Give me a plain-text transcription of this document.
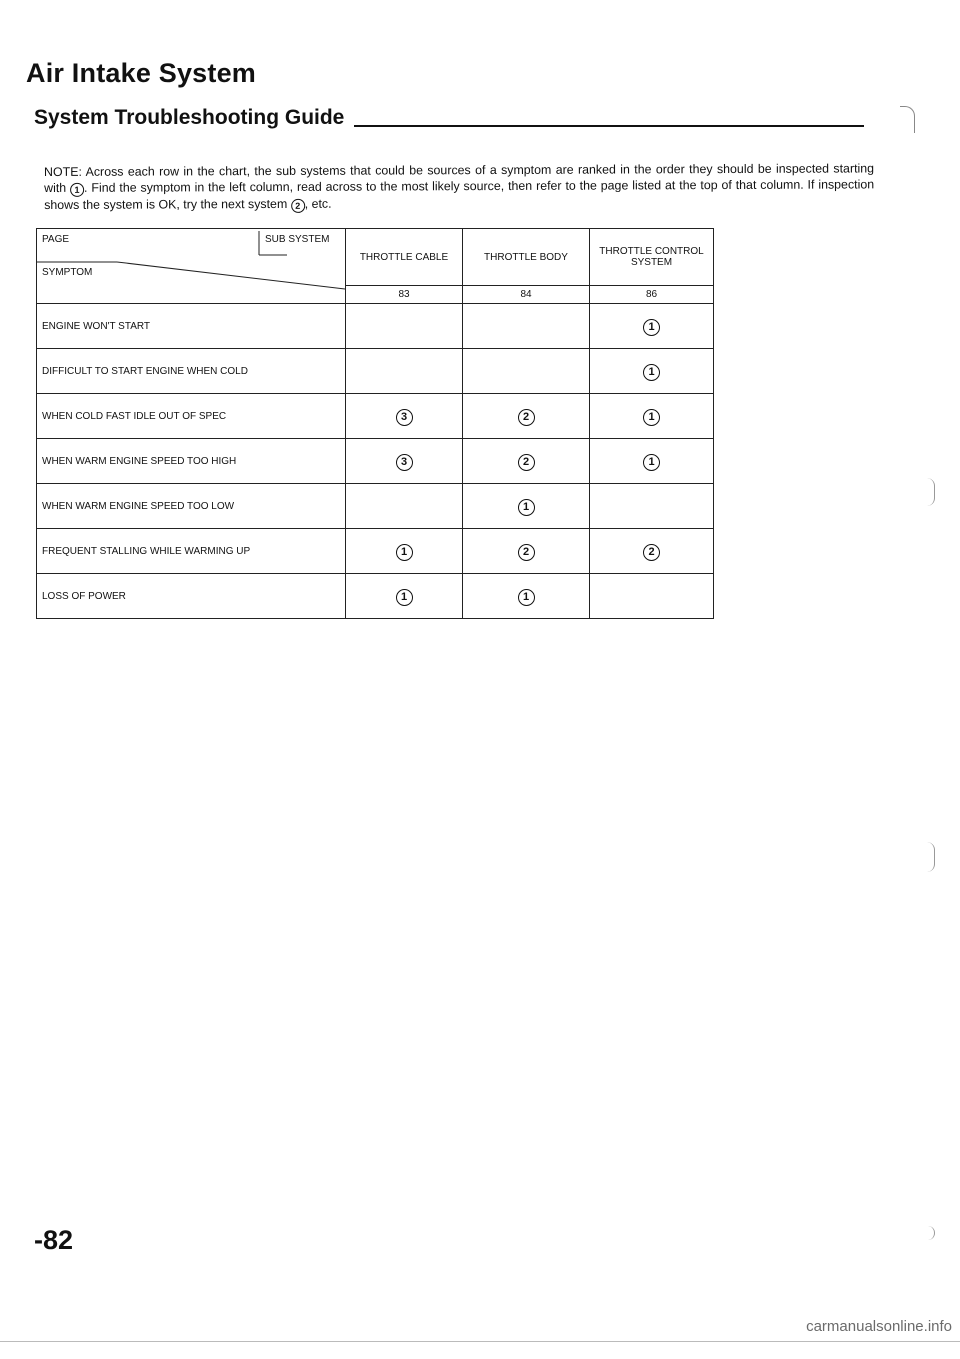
Air Intake System
System Troubleshooting Guide

NOTE: Across each row in the chart, the sub systems that could be sources of a symptom are ranked in the order they should be inspected starting with 1 . Find the symptom in the left column, read across to the most likely source, then refer to the page listed at the top of that column. If inspection shows the system is OK, try the next system 2 , etc.

PAGE SUB SYSTEM
SYMPTOM	THROTTLE CABLE	THROTTLE BODY	THROTTLE CONTROL SYSTEM
	83	84	86
ENGINE WON'T START			1
DIFFICULT TO START ENGINE WHEN COLD			1
WHEN COLD FAST IDLE OUT OF SPEC	3	2	1
WHEN WARM ENGINE SPEED TOO HIGH	3	2	1
WHEN WARM ENGINE SPEED TOO LOW		1	
FREQUENT STALLING WHILE WARMING UP	1	2	2
LOSS OF POWER	1	1	
-82
carmanualsonline.info
